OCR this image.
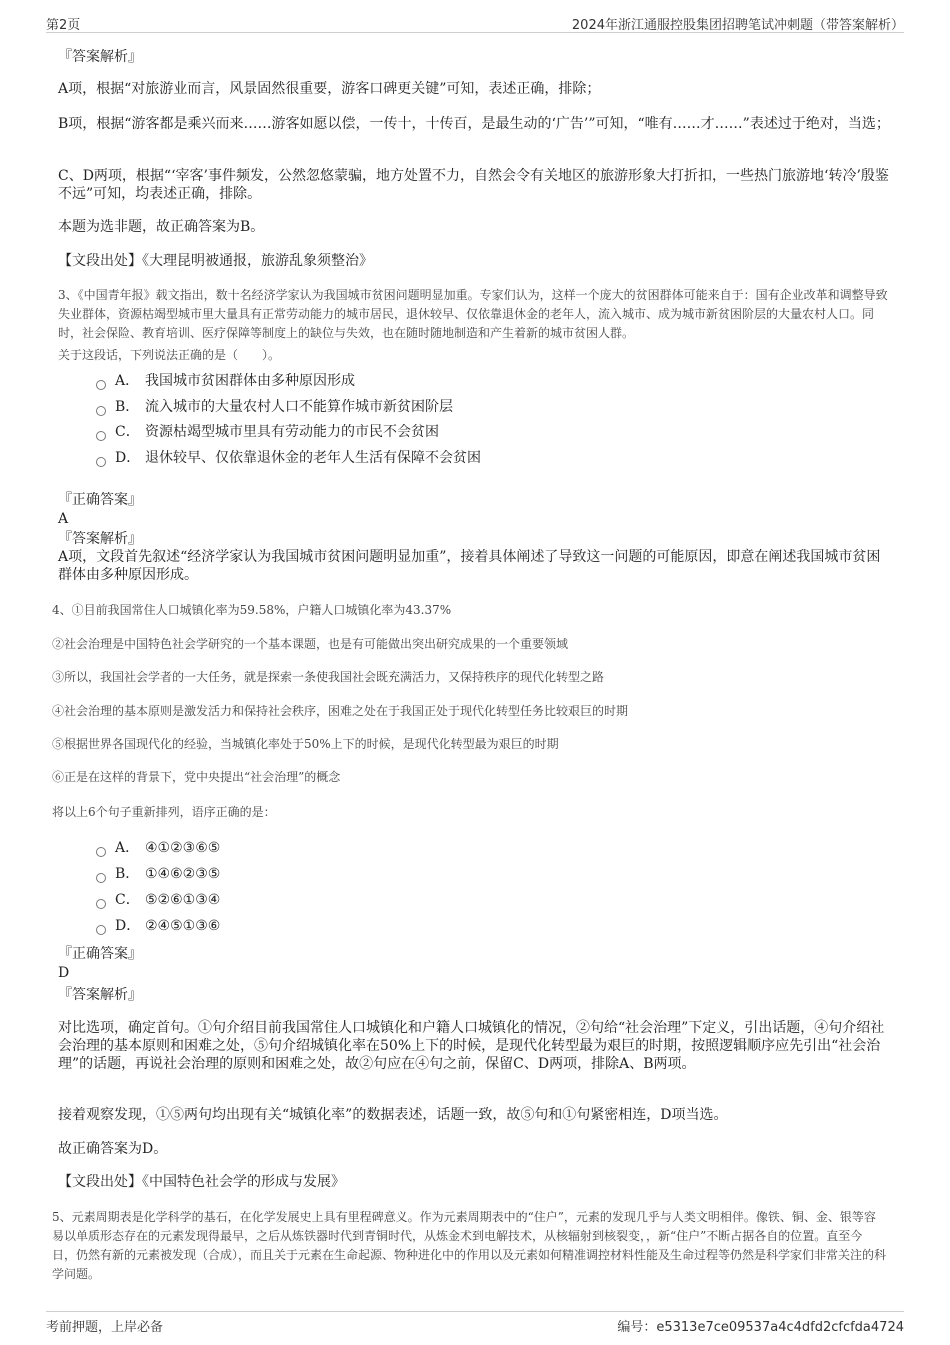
第2页	2024年浙江通服控股集团招聘笔试冲刺题（带答案解析）
『答案解析』
A项，根据“对旅游业而言，风景固然很重要，游客口碑更关键”可知，表述正确，排除；
B项，根据“游客都是乘兴而来……游客如愿以偿，一传十，十传百，是最生动的‘广告’”可知，“唯有……才……”表述过于绝对，当选；
C、D两项，根据“‘宰客’事件频发，公然忽悠蒙骗，地方处置不力，自然会令有关地区的旅游形象大打折扣，一些热门旅游地‘转冷’殷鉴不远”可知，均表述正确，排除。
本题为选非题，故正确答案为B。
【文段出处】《大理昆明被通报，旅游乱象须整治》
3、《中国青年报》载文指出，数十名经济学家认为我国城市贫困问题明显加重。专家们认为，这样一个庞大的贫困群体可能来自于：国有企业改革和调整导致失业群体，资源枯竭型城市里大量具有正常劳动能力的城市居民，退休较早、仅依靠退休金的老年人，流入城市、成为城市新贫困阶层的大量农村人口。同时，社会保险、教育培训、医疗保障等制度上的缺位与失效，也在随时随地制造和产生着新的城市贫困人群。
关于这段话，下列说法正确的是（　　）。
A． 我国城市贫困群体由多种原因形成
B． 流入城市的大量农村人口不能算作城市新贫困阶层
C． 资源枯竭型城市里具有劳动能力的市民不会贫困
D． 退休较早、仅依靠退休金的老年人生活有保障不会贫困
『正确答案』
A
『答案解析』
A项，文段首先叙述“经济学家认为我国城市贫困问题明显加重”，接着具体阐述了导致这一问题的可能原因，即意在阐述我国城市贫困群体由多种原因形成。
4、①目前我国常住人口城镇化率为59.58%，户籍人口城镇化率为43.37%
②社会治理是中国特色社会学研究的一个基本课题，也是有可能做出突出研究成果的一个重要领域
③所以，我国社会学者的一大任务，就是探索一条使我国社会既充满活力，又保持秩序的现代化转型之路
④社会治理的基本原则是激发活力和保持社会秩序，困难之处在于我国正处于现代化转型任务比较艰巨的时期
⑤根据世界各国现代化的经验，当城镇化率处于50%上下的时候，是现代化转型最为艰巨的时期
⑥正是在这样的背景下，党中央提出“社会治理”的概念
将以上6个句子重新排列，语序正确的是：
A． ④①②③⑥⑤
B． ①④⑥②③⑤
C． ⑤②⑥①③④
D． ②④⑤①③⑥
『正确答案』
D
『答案解析』
对比选项，确定首句。①句介绍目前我国常住人口城镇化和户籍人口城镇化的情况，②句给“社会治理”下定义，引出话题，④句介绍社会治理的基本原则和困难之处，⑤句介绍城镇化率在50%上下的时候，是现代化转型最为艰巨的时期，按照逻辑顺序应先引出“社会治理”的话题，再说社会治理的原则和困难之处，故②句应在④句之前，保留C、D两项，排除A、B两项。
接着观察发现，①⑤两句均出现有关“城镇化率”的数据表述，话题一致，故⑤句和①句紧密相连，D项当选。
故正确答案为D。
【文段出处】《中国特色社会学的形成与发展》
5、元素周期表是化学科学的基石，在化学发展史上具有里程碑意义。作为元素周期表中的“住户”，元素的发现几乎与人类文明相伴。像铁、铜、金、银等容易以单质形态存在的元素发现得最早，之后从炼铁器时代到青铜时代，从炼金术到电解技术，从核辐射到核裂变，，新“住户”不断占据各自的位置。直至今日，仍然有新的元素被发现（合成），而且关于元素在生命起源、物种进化中的作用以及元素如何精准调控材料性能及生命过程等仍然是科学家们非常关注的科学问题。
考前押题，上岸必备	编号：e5313e7ce09537a4c4dfd2cfcfda4724
